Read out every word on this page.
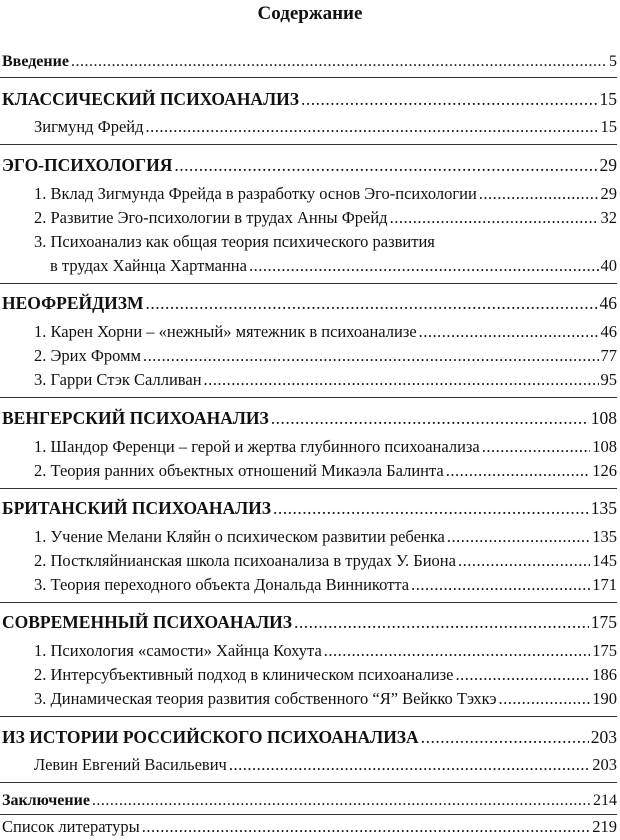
Содержание
Введение .....	5
КЛАССИЧЕСКИЙ ПСИХОАНАЛИЗ .....	15
Зигмунд Фрейд .....	15
ЭГО-ПСИХОЛОГИЯ .....	29
1. Вклад Зигмунда Фрейда в разработку основ Эго-психологии .....	29
2. Развитие Эго-психологии в трудах Анны Фрейд .....	32
3. Психоанализ как общая теория психического развития
в трудах Хайнца Хартманна .....	40
НЕОФРЕЙДИЗМ .....	46
1. Карен Хорни – «нежный» мятежник в психоанализе .....	46
2. Эрих Фромм .....	77
3. Гарри Стэк Салливан .....	95
ВЕНГЕРСКИЙ ПСИХОАНАЛИЗ .....	108
1. Шандор Ференци – герой и жертва глубинного психоанализа .....	108
2. Теория ранних объектных отношений Микаэла Балинта .....	126
БРИТАНСКИЙ ПСИХОАНАЛИЗ .....	135
1. Учение Мелани Кляйн о психическом развитии ребенка .....	135
2. Посткляйнианская школа психоанализа в трудах У. Биона .....	145
3. Теория переходного объекта Дональда Винникотта .....	171
СОВРЕМЕННЫЙ ПСИХОАНАЛИЗ .....	175
1. Психология «самости» Хайнца Кохута .....	175
2. Интерсубъективный подход в клиническом психоанализе .....	186
3. Динамическая теория развития собственного “Я” Вейкко Тэхкэ .....	190
ИЗ ИСТОРИИ РОССИЙСКОГО ПСИХОАНАЛИЗА .....	203
Левин Евгений Васильевич .....	203
Заключение .....	214
Список литературы .....	219
